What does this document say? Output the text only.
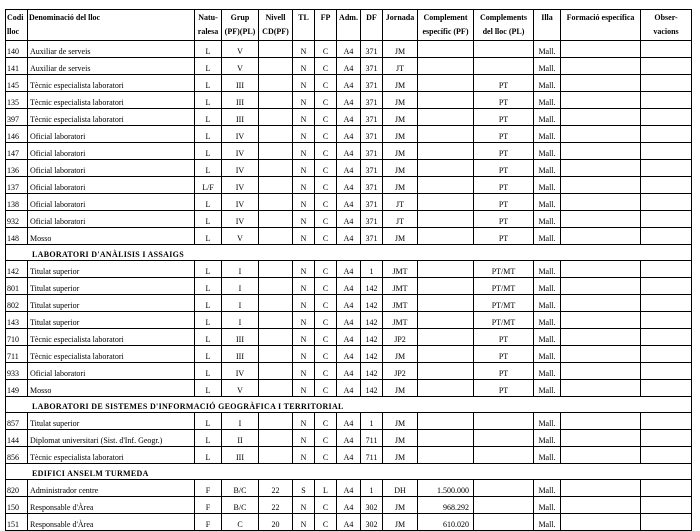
Codi lloc	Denominació del lloc	Natu- ralesa	Grup (PF)(PL)	Nivell CD(PF)	TL	FP	Adm.	DF	Jornada	Complement específic (PF)	Complements del lloc (PL)	Illa	Formació específica	Obser- vacions
140	Auxiliar de serveis	L	V		N	C	A4	371	JM			Mall.		
141	Auxiliar de serveis	L	V		N	C	A4	371	JT			Mall.		
145	Tècnic especialista laboratori	L	III		N	C	A4	371	JM		PT	Mall.		
135	Tècnic especialista laboratori	L	III		N	C	A4	371	JM		PT	Mall.		
397	Tècnic especialista laboratori	L	III		N	C	A4	371	JM		PT	Mall.		
146	Oficial laboratori	L	IV		N	C	A4	371	JM		PT	Mall.		
147	Oficial laboratori	L	IV		N	C	A4	371	JM		PT	Mall.		
136	Oficial laboratori	L	IV		N	C	A4	371	JM		PT	Mall.		
137	Oficial laboratori	L/F	IV		N	C	A4	371	JM		PT	Mall.		
138	Oficial laboratori	L	IV		N	C	A4	371	JT		PT	Mall.		
932	Oficial laboratori	L	IV		N	C	A4	371	JT		PT	Mall.		
148	Mosso	L	V		N	C	A4	371	JM		PT	Mall.		
LABORATORI D'ANÀLISIS I ASSAIGS														
142	Titulat superior	L	I		N	C	A4	1	JMT		PT/MT	Mall.		
801	Titulat superior	L	I		N	C	A4	142	JMT		PT/MT	Mall.		
802	Titulat superior	L	I		N	C	A4	142	JMT		PT/MT	Mall.		
143	Titulat superior	L	I		N	C	A4	142	JMT		PT/MT	Mall.		
710	Tècnic especialista laboratori	L	III		N	C	A4	142	JP2		PT	Mall.		
711	Tècnic especialista laboratori	L	III		N	C	A4	142	JM		PT	Mall.		
933	Oficial laboratori	L	IV		N	C	A4	142	JP2		PT	Mall.		
149	Mosso	L	V		N	C	A4	142	JM		PT	Mall.		
LABORATORI DE SISTEMES D'INFORMACIÓ GEOGRÀFICA I TERRITORIAL														
857	Titulat superior	L	I		N	C	A4	1	JM			Mall.		
144	Diplomat universitari (Sist. d'Inf. Geogr.)	L	II		N	C	A4	711	JM			Mall.		
856	Tècnic especialista laboratori	L	III		N	C	A4	711	JM			Mall.		
EDIFICI ANSELM TURMEDA														
820	Administrador centre	F	B/C	22	S	L	A4	1	DH	1.500.000		Mall.		
150	Responsable d'Àrea	F	B/C	22	N	C	A4	302	JM	968.292		Mall.		
151	Responsable d'Àrea	F	C	20	N	C	A4	302	JM	610.020		Mall.		
